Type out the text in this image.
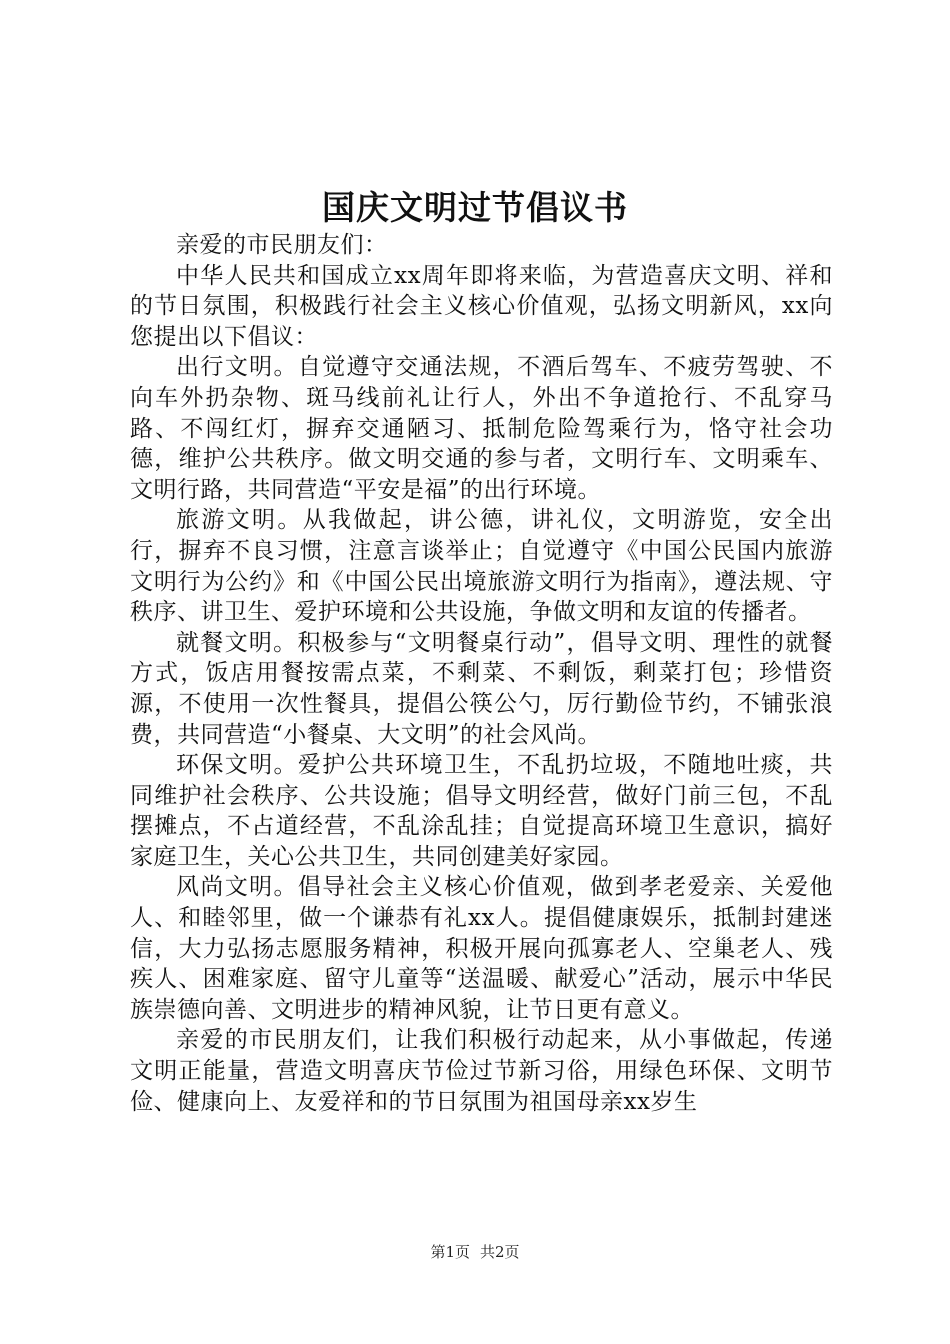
国庆文明过节倡议书

亲爱的市民朋友们：

中华人民共和国成立xx周年即将来临，为营造喜庆文明、祥和的节日氛围，积极践行社会主义核心价值观，弘扬文明新风，xx向您提出以下倡议：

出行文明。自觉遵守交通法规，不酒后驾车、不疲劳驾驶、不向车外扔杂物、斑马线前礼让行人，外出不争道抢行、不乱穿马路、不闯红灯，摒弃交通陋习、抵制危险驾乘行为，恪守社会功德，维护公共秩序。做文明交通的参与者，文明行车、文明乘车、文明行路，共同营造“平安是福”的出行环境。

旅游文明。从我做起，讲公德，讲礼仪，文明游览，安全出行，摒弃不良习惯，注意言谈举止；自觉遵守《中国公民国内旅游文明行为公约》和《中国公民出境旅游文明行为指南》，遵法规、守秩序、讲卫生、爱护环境和公共设施，争做文明和友谊的传播者。

就餐文明。积极参与“文明餐桌行动”，倡导文明、理性的就餐方式，饭店用餐按需点菜，不剩菜、不剩饭，剩菜打包；珍惜资源，不使用一次性餐具，提倡公筷公勺，厉行勤俭节约，不铺张浪费，共同营造“小餐桌、大文明”的社会风尚。

环保文明。爱护公共环境卫生，不乱扔垃圾，不随地吐痰，共同维护社会秩序、公共设施；倡导文明经营，做好门前三包，不乱摆摊点，不占道经营，不乱涂乱挂；自觉提高环境卫生意识，搞好家庭卫生，关心公共卫生，共同创建美好家园。

风尚文明。倡导社会主义核心价值观，做到孝老爱亲、关爱他人、和睦邻里，做一个谦恭有礼xx人。提倡健康娱乐，抵制封建迷信，大力弘扬志愿服务精神，积极开展向孤寡老人、空巢老人、残疾人、困难家庭、留守儿童等“送温暖、献爱心”活动，展示中华民族崇德向善、文明进步的精神风貌，让节日更有意义。

亲爱的市民朋友们，让我们积极行动起来，从小事做起，传递文明正能量，营造文明喜庆节俭过节新习俗，用绿色环保、文明节俭、健康向上、友爱祥和的节日氛围为祖国母亲xx岁生

第1页 共2页
